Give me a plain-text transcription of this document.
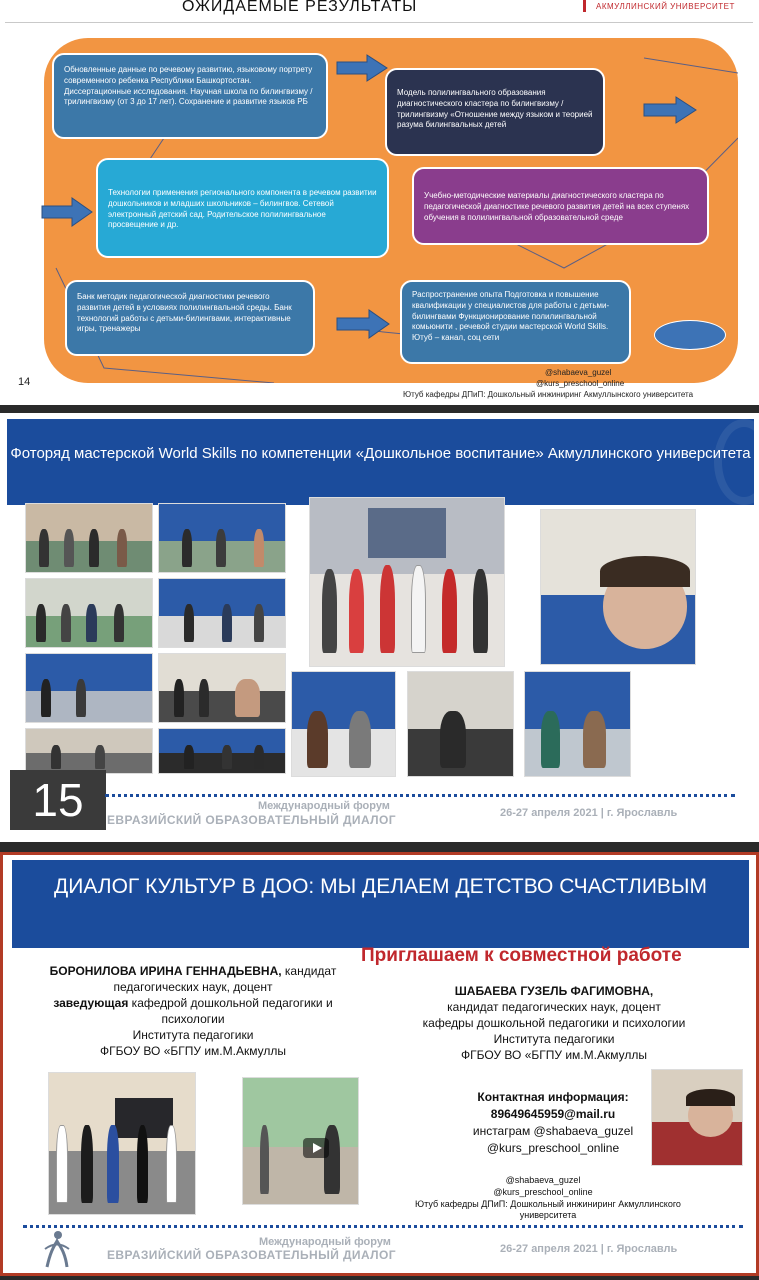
ОЖИДАЕМЫЕ РЕЗУЛЬТАТЫ	АКМУЛЛИНСКИЙ УНИВЕРСИТЕТ
Обновленные данные по речевому развитию, языковому портрету современного ребенка Республики Башкортостан. Диссертационные исследования. Научная школа по билингвизму /трилингвизму (от 3 до 17 лет). Сохранение и развитие языков РБ
Модель полилингвального образования диагностического кластера по билингвизму / трилингвизму «Отношение между языком и теорией разума билингвальных детей
Технологии применения регионального компонента в речевом развитии дошкольников и младших школьников – билингвов. Сетевой электронный детский сад. Родительское полилингвальное просвещение и др.
Учебно-методические материалы диагностического кластера по педагогической диагностике речевого развития детей на всех ступенях обучения в полилингвальной образовательной среде
Банк методик педагогической диагностики речевого развития детей в условиях полилингвальной среды. Банк технологий работы с детьми-билингвами, интерактивные игры, тренажеры
Распространение опыта Подготовка и повышение квалификации у специалистов для работы с детьми-билингвами Функционирование полилингвальной комьюнити , речевой студии мастерской World Skills. Ютуб – канал, соц сети
14
@shabaeva_guzel
@kurs_preschool_online
Ютуб кафедры ДПиП: Дошкольный инжиниринг Акмуллынского университета
Фоторяд мастерской World Skills по компетенции «Дошкольное воспитание» Акмуллинского университета
15	Международный форум
ЕВРАЗИЙСКИЙ ОБРАЗОВАТЕЛЬНЫЙ ДИАЛОГ	26-27 апреля 2021 | г. Ярославль
ДИАЛОГ КУЛЬТУР В ДОО: МЫ ДЕЛАЕМ ДЕТСТВО СЧАСТЛИВЫМ
Приглашаем к совместной работе
БОРОНИЛОВА ИРИНА ГЕННАДЬЕВНА, кандидат педагогических наук, доцент
заведующая кафедрой дошкольной педагогики и психологии
Института педагогики
ФГБОУ ВО «БГПУ им.М.Акмуллы
ШАБАЕВА ГУЗЕЛЬ ФАГИМОВНА,
кандидат педагогических наук, доцент
кафедры дошкольной педагогики и психологии
Института педагогики
ФГБОУ ВО «БГПУ им.М.Акмуллы
Контактная информация:
89649645959@mail.ru
инстаграм @shabaeva_guzel
@kurs_preschool_online
@shabaeva_guzel
@kurs_preschool_online
Ютуб кафедры ДПиП: Дошкольный инжиниринг Акмуллинского университета
Международный форум
ЕВРАЗИЙСКИЙ ОБРАЗОВАТЕЛЬНЫЙ ДИАЛОГ	26-27 апреля 2021 | г. Ярославль
